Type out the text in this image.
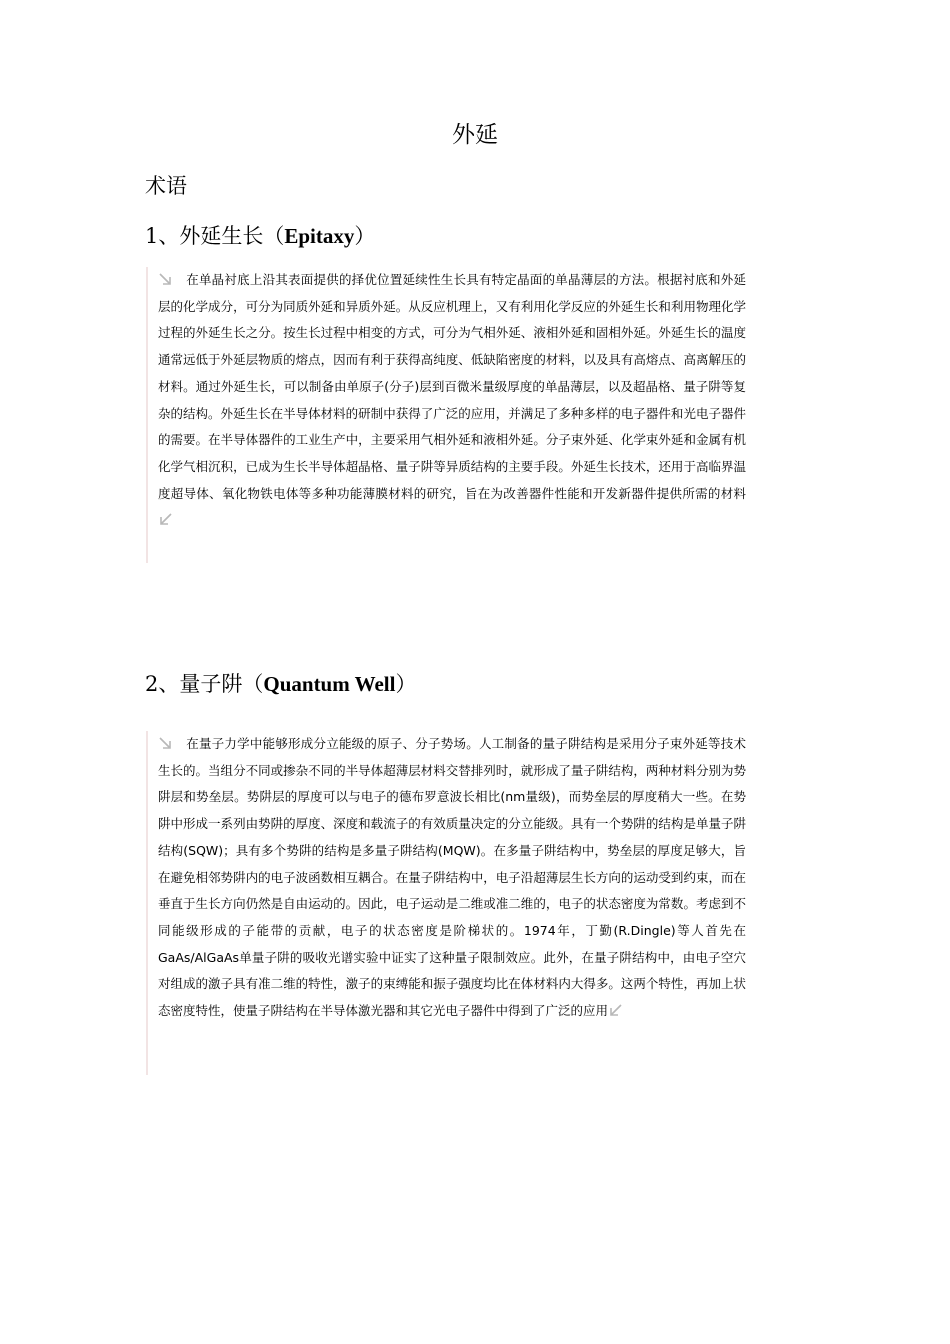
外延
术语
1、外延生长（Epitaxy）
在单晶衬底上沿其表面提供的择优位置延续性生长具有特定晶面的单晶薄层的方法。根据衬底和外延层的化学成分，可分为同质外延和异质外延。从反应机理上，又有利用化学反应的外延生长和利用物理化学过程的外延生长之分。按生长过程中相变的方式，可分为气相外延、液相外延和固相外延。外延生长的温度通常远低于外延层物质的熔点，因而有利于获得高纯度、低缺陷密度的材料，以及具有高熔点、高离解压的材料。通过外延生长，可以制备由单原子(分子)层到百微米量级厚度的单晶薄层，以及超晶格、量子阱等复杂的结构。外延生长在半导体材料的研制中获得了广泛的应用，并满足了多种多样的电子器件和光电子器件的需要。在半导体器件的工业生产中，主要采用气相外延和液相外延。分子束外延、化学束外延和金属有机化学气相沉积，已成为生长半导体超晶格、量子阱等异质结构的主要手段。外延生长技术，还用于高临界温度超导体、氧化物铁电体等多种功能薄膜材料的研究，旨在为改善器件性能和开发新器件提供所需的材料
2、量子阱（Quantum Well）
在量子力学中能够形成分立能级的原子、分子势场。人工制备的量子阱结构是采用分子束外延等技术生长的。当组分不同或掺杂不同的半导体超薄层材料交替排列时，就形成了量子阱结构，两种材料分别为势阱层和势垒层。势阱层的厚度可以与电子的德布罗意波长相比(nm量级)，而势垒层的厚度稍大一些。在势阱中形成一系列由势阱的厚度、深度和载流子的有效质量决定的分立能级。具有一个势阱的结构是单量子阱结构(SQW)；具有多个势阱的结构是多量子阱结构(MQW)。在多量子阱结构中，势垒层的厚度足够大，旨在避免相邻势阱内的电子波函数相互耦合。在量子阱结构中，电子沿超薄层生长方向的运动受到约束，而在垂直于生长方向仍然是自由运动的。因此，电子运动是二维或准二维的，电子的状态密度为常数。考虑到不同能级形成的子能带的贡献，电子的状态密度是阶梯状的。1974年，丁勤(R.Dingle)等人首先在GaAs/AlGaAs单量子阱的吸收光谱实验中证实了这种量子限制效应。此外，在量子阱结构中，由电子空穴对组成的激子具有准二维的特性，激子的束缚能和振子强度均比在体材料内大得多。这两个特性，再加上状态密度特性，使量子阱结构在半导体激光器和其它光电子器件中得到了广泛的应用
